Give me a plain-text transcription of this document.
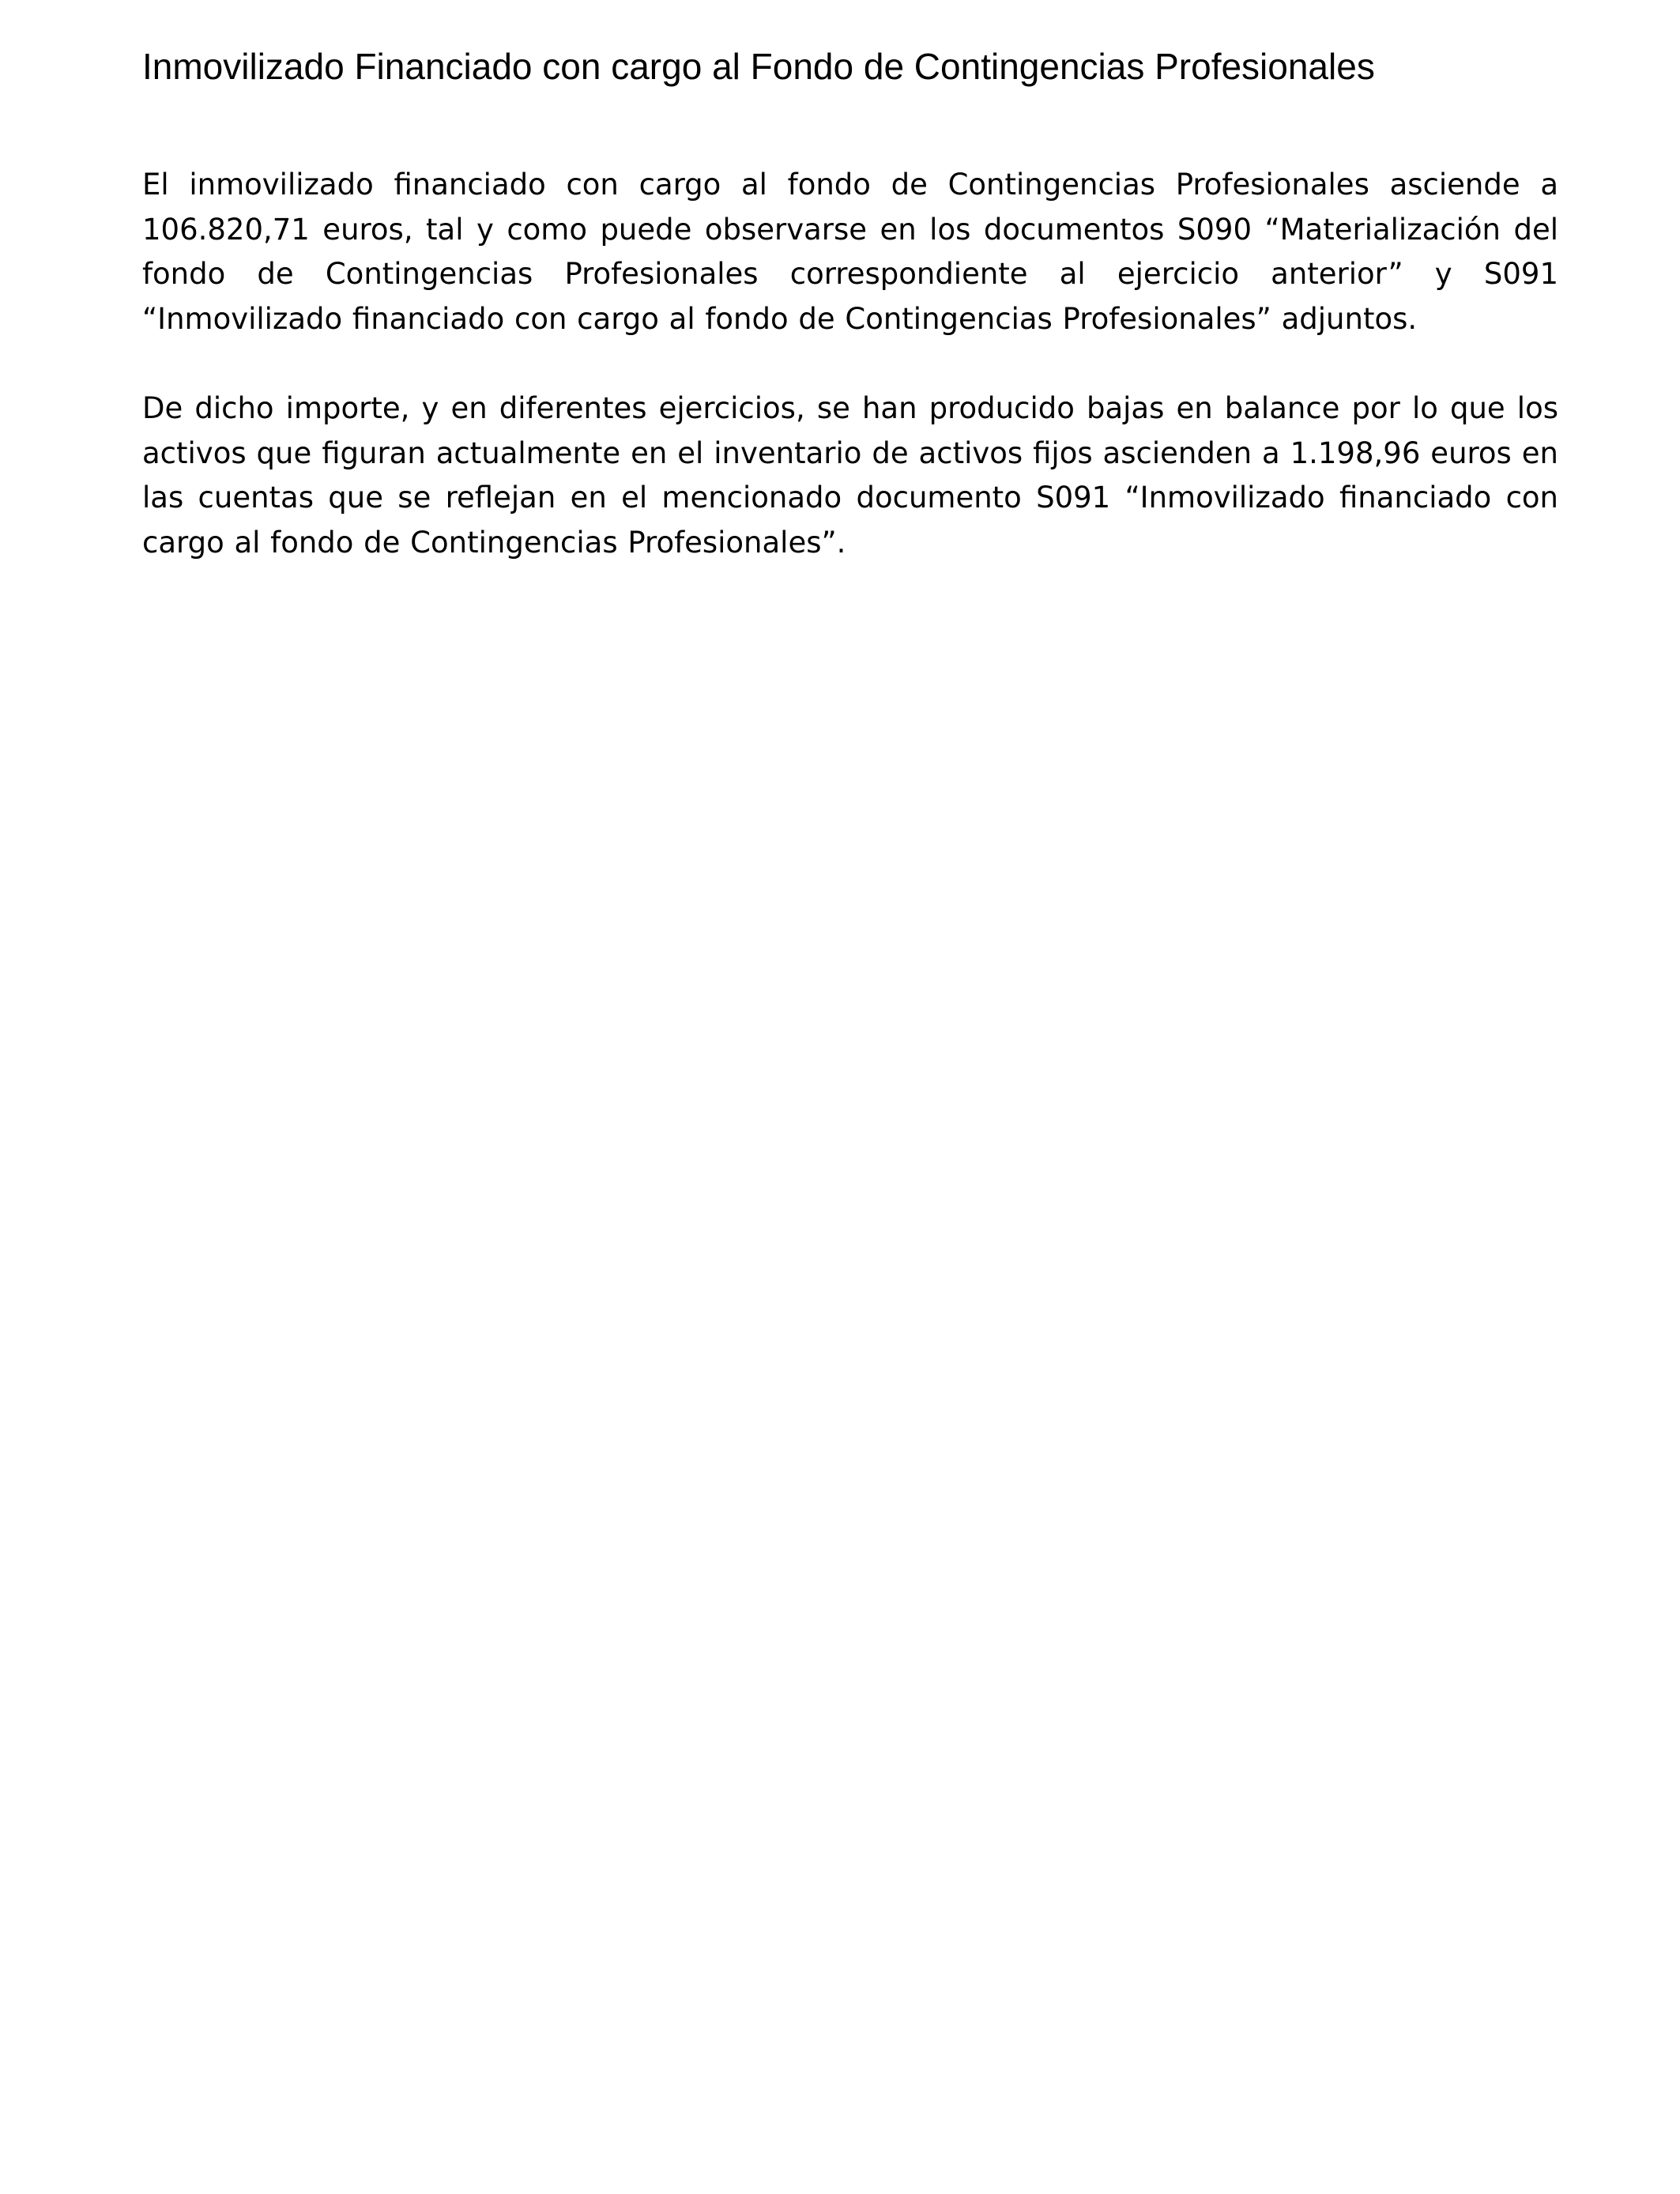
Inmovilizado Financiado con cargo al Fondo de Contingencias Profesionales

El inmovilizado financiado con cargo al fondo de Contingencias Profesionales asciende a 106.820,71 euros, tal y como puede observarse en los documentos S090 “Materialización del fondo de Contingencias Profesionales correspondiente al ejercicio anterior” y S091 “Inmovilizado financiado con cargo al fondo de Contingencias Profesionales” adjuntos.

De dicho importe, y en diferentes ejercicios, se han producido bajas en balance por lo que los activos que figuran actualmente en el inventario de activos fijos ascienden a 1.198,96 euros en las cuentas que se reflejan en el mencionado documento S091 “Inmovilizado financiado con cargo al fondo de Contingencias Profesionales”.
